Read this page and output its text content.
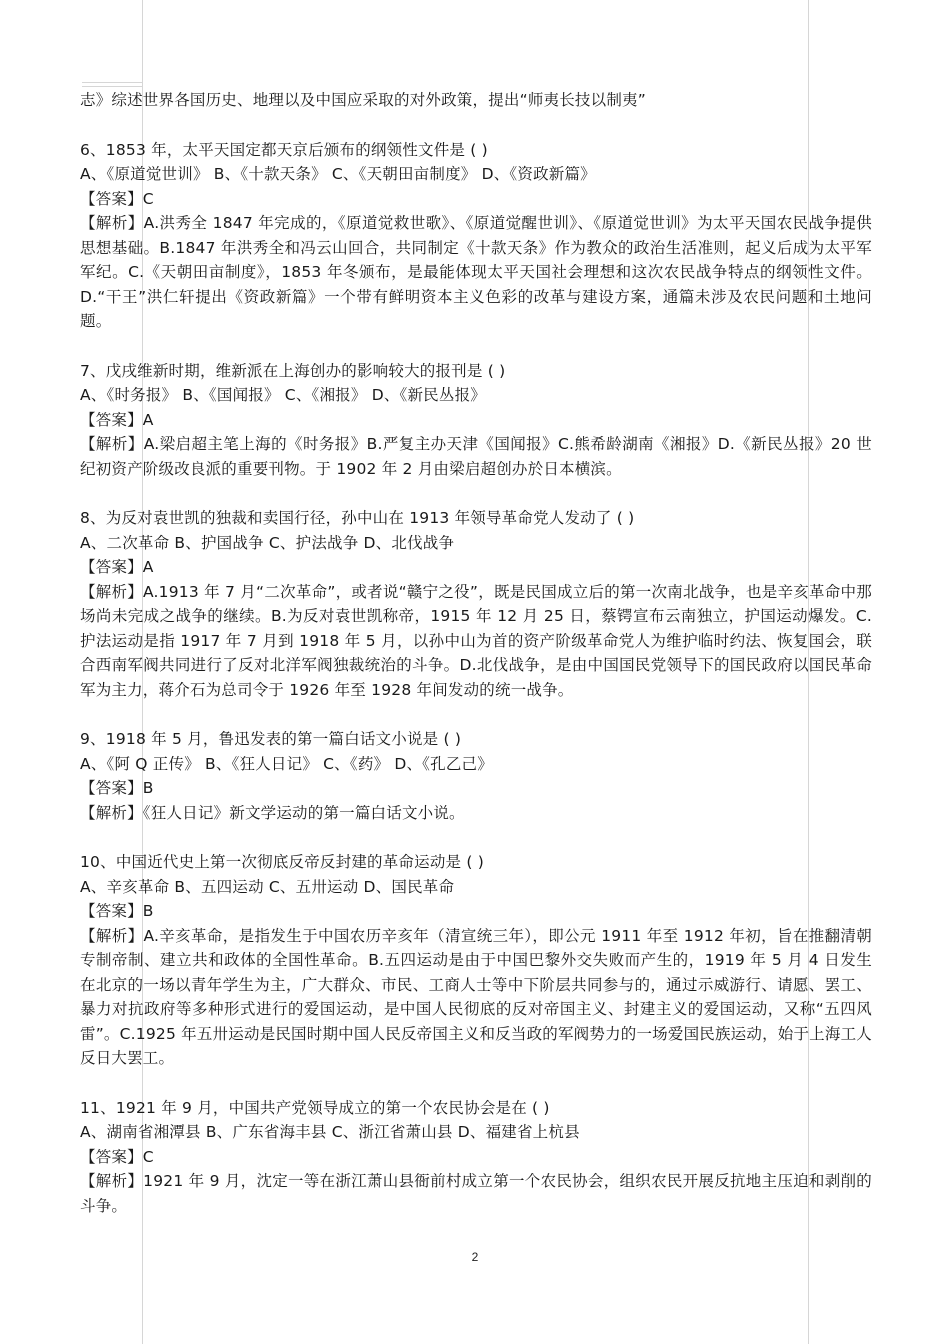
志》综述世界各国历史、地理以及中国应采取的对外政策，提出“师夷长技以制夷”
6、1853 年，太平天国定都天京后颁布的纲领性文件是 ( )
A、《原道觉世训》 B、《十款天条》 C、《天朝田亩制度》 D、《资政新篇》
【答案】C
【解析】A.洪秀全 1847 年完成的，《原道觉救世歌》、《原道觉醒世训》、《原道觉世训》为太平天国农民战争提供思想基础。B.1847 年洪秀全和冯云山回合，共同制定《十款天条》作为教众的政治生活准则，起义后成为太平军军纪。C.《天朝田亩制度》，1853 年冬颁布，是最能体现太平天国社会理想和这次农民战争特点的纲领性文件。D.“干王”洪仁轩提出《资政新篇》一个带有鲜明资本主义色彩的改革与建设方案，通篇未涉及农民问题和土地问题。
7、戊戌维新时期，维新派在上海创办的影响较大的报刊是 ( )
A、《时务报》 B、《国闻报》 C、《湘报》 D、《新民丛报》
【答案】A
【解析】A.梁启超主笔上海的《时务报》B.严复主办天津《国闻报》C.熊希龄湖南《湘报》D.《新民丛报》20 世纪初资产阶级改良派的重要刊物。于 1902 年 2 月由梁启超创办於日本横滨。
8、为反对袁世凯的独裁和卖国行径，孙中山在 1913 年领导革命党人发动了 ( )
A、二次革命 B、护国战争 C、护法战争 D、北伐战争
【答案】A
【解析】A.1913 年 7 月“二次革命”，或者说“赣宁之役”，既是民国成立后的第一次南北战争，也是辛亥革命中那场尚未完成之战争的继续。B.为反对袁世凯称帝，1915 年 12 月 25 日，蔡锷宣布云南独立，护国运动爆发。C.护法运动是指 1917 年 7 月到 1918 年 5 月，以孙中山为首的资产阶级革命党人为维护临时约法、恢复国会，联合西南军阀共同进行了反对北洋军阀独裁统治的斗争。D.北伐战争，是由中国国民党领导下的国民政府以国民革命军为主力，蒋介石为总司令于 1926 年至 1928 年间发动的统一战争。
9、1918 年 5 月，鲁迅发表的第一篇白话文小说是 ( )
A、《阿 Q 正传》 B、《狂人日记》 C、《药》 D、《孔乙己》
【答案】B
【解析】《狂人日记》新文学运动的第一篇白话文小说。
10、中国近代史上第一次彻底反帝反封建的革命运动是 ( )
A、辛亥革命 B、五四运动 C、五卅运动 D、国民革命
【答案】B
【解析】A.辛亥革命，是指发生于中国农历辛亥年（清宣统三年），即公元 1911 年至 1912 年初，旨在推翻清朝专制帝制、建立共和政体的全国性革命。B.五四运动是由于中国巴黎外交失败而产生的，1919 年 5 月 4 日发生在北京的一场以青年学生为主，广大群众、市民、工商人士等中下阶层共同参与的，通过示威游行、请愿、罢工、暴力对抗政府等多种形式进行的爱国运动，是中国人民彻底的反对帝国主义、封建主义的爱国运动，又称“五四风雷”。C.1925 年五卅运动是民国时期中国人民反帝国主义和反当政的军阀势力的一场爱国民族运动，始于上海工人反日大罢工。
11、1921 年 9 月，中国共产党领导成立的第一个农民协会是在 ( )
A、湖南省湘潭县 B、广东省海丰县 C、浙江省萧山县 D、福建省上杭县
【答案】C
【解析】1921 年 9 月，沈定一等在浙江萧山县衙前村成立第一个农民协会，组织农民开展反抗地主压迫和剥削的斗争。
2
